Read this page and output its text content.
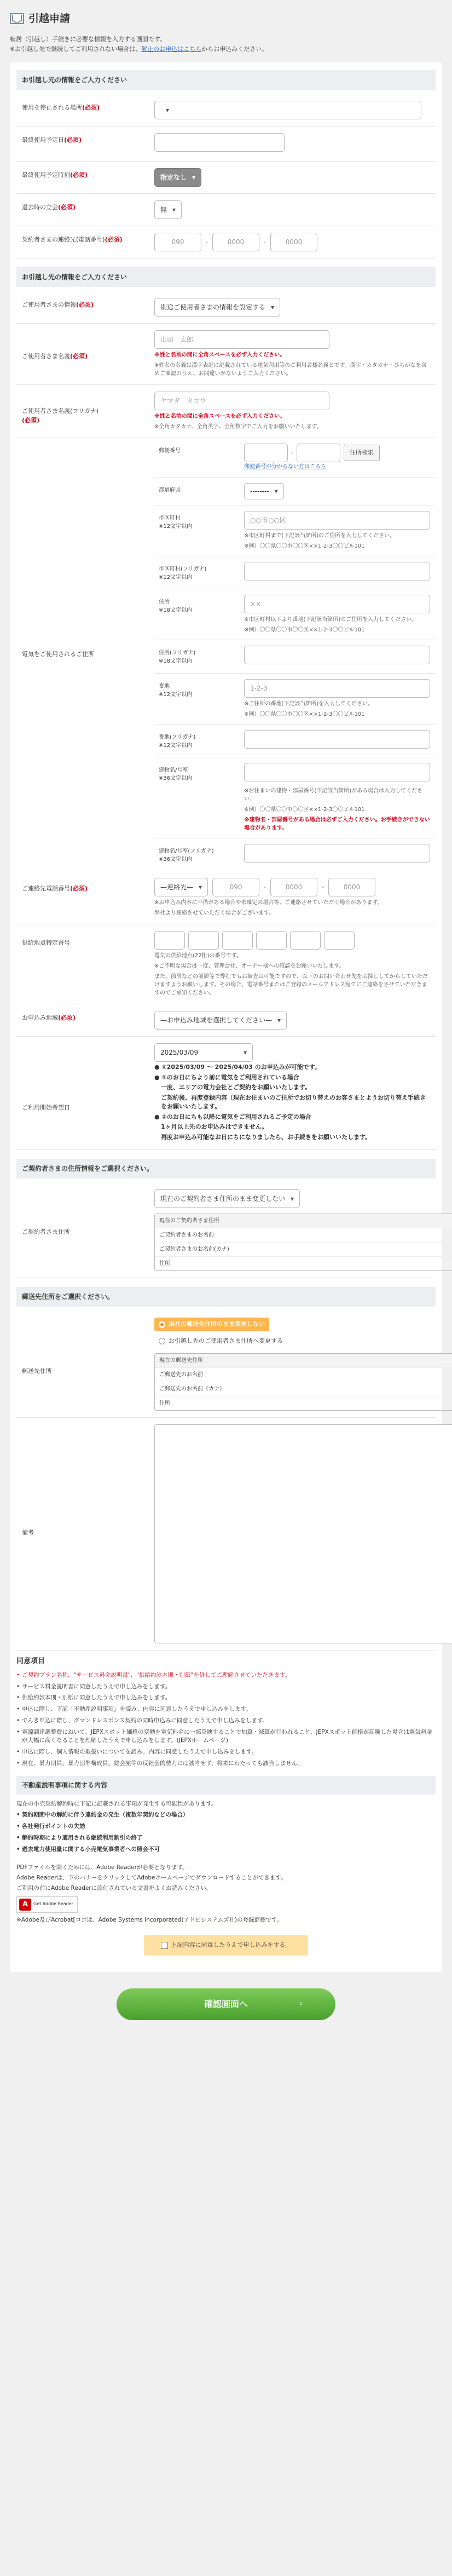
引越申請
転居（引越し）手続きに必要な情報を入力する画面です。
※お引越し先で継続してご利用されない場合は、解止のお申込はこちらからお申込みください。
お引越し元の情報をご入力ください
使用を停止される場所(必須)
▾
最終使用予定日(必須)
最終使用予定時刻(必須)	指定なし ▾
退去時の立会(必須)	無 ▾
契約者さまの連絡先(電話番号)(必須)	090	-	0000	-	0000
お引越し先の情報をご入力ください
ご使用者さまの情報(必須)	別途ご使用者さまの情報を設定する ▾
ご使用者さま名義(必須)
山田　太郎
※姓と名前の間に全角スペースを必ず入力ください。
※姓名の名義は漢字表記に記載されている電気利用等のご利用者様名義とです。漢字・カタカナ・ひらがなを含めご確認のうえ、お間違いがないようご入力ください。
ご使用者さま名義(フリガナ)
(必須)
ヤマダ　タロウ
※姓と名前の間に全角スペースを必ず入力ください。
※全角カタカナ、全角英字、全角数字でご入力をお願いいたします。
電気をご使用されるご住所
郵便番号	-	住所検索
郵便番号が分からない方はこちら
都道府県	-------- ▾
市区町村
※12文字以内
○○市○○区
※市区町村まで(下記該当箇所)のご住所を入力してください。
※例）〇〇県〇〇市〇〇区××1-2-3〇〇ビル101
市区町村(フリガナ)
※12文字以内
住所
※18文字以内
××
※市区町村以下より番地(下記該当箇所)のご住所を入力してください。
※例）〇〇県〇〇市〇〇区××1-2-3〇〇ビル101
住所(フリガナ)
※18文字以内
番地
※12文字以内
1-2-3
※ご住所の番地(下記該当箇所)を入力してください。
※例）〇〇県〇〇市〇〇区××1-2-3〇〇ビル101
番地(フリガナ)
※12文字以内
建物名/号室
※36文字以内
※お住まいの建物・部屋番号(下記該当箇所)がある場合は入力してください。
※例）〇〇県〇〇市〇〇区××1-2-3〇〇ビル101
※建物名・部屋番号がある場合は必ずご入力ください。お手続きができない場合があります。
建物名/号室(フリガナ)
※36文字以内
ご連絡先電話番号(必須)	—連絡先— ▾	090	-	0000	-	0000
※お申込み内容に不備がある場合や未確定の場合等、ご連絡させていただく場合があります。
弊社より連絡させていただく場合がございます。
供給地点特定番号
電気の供給地点(22桁)の番号です。
※ご不明な場合は一度、管理会社、オーナー様への確認をお願いいたします。
また、前居などの前居等で弊社でもお調査は可能ですので、以下のお問い合わせ先をお探ししてからしていただけますようお願いします。その場合、電話番号またはご登録のメールアドレス宛てにご連絡をさせていただきますのでご承知ください。
お申込み地域(必須)	—お申込み地域を選択してください— ▾
ご利用開始希望日
2025/03/09 ▾

● ①2025/03/09 ～ 2025/04/03 のお申込みが可能です。

● ①のお日にちより前に電気をご利用されている場合

一度、エリアの電力会社とご契約をお願いいたします。

ご契約後、再度登録内容（現在お住まいのご住所でお切り替えのお客さまとようお切り替え手続きをお願いいたします。

● ②のお日にちも以降に電気をご利用されるご予定の場合

1ヶ月以上先のお申込みはできません。

再度お申込み可能なお日にちになりましたら、お手続きをお願いいたします。

ご契約者さまの住所情報をご選択ください。
ご契約者さま住所
現在のご契約者さま住所のまま変更しない ▾
現在のご契約者さま住所
ご契約者さまのお名前
ご契約者さまのお名前(カナ)
住所
郵送先住所をご選択ください。
郵送先住所
現在の郵送先住所のまま変更しない
お引越し先のご使用者さま住所へ変更する
現在の郵送先住所
ご郵送先のお名前
ご郵送先のお名前（カナ）
住所
備考
同意項目
• ご契約プラン名称、"サービス料金説明書"、"供給約款本則・別紙"を併してご理解させていただきます。
• サービス料金説明書に同意したうえで申し込みをします。
• 供給約款本則・別紙に同意したうえで申し込みをします。
• 申込に際し、下記「不動産説明事項」を読み、内容に同意したうえで申し込みをします。
• でんき申込に際し、グマンドレスポンス契約の同時申込みに同意したうえで申し込みをします。
• 電源調達調整費において、JEPXスポット価格の変動を電気料金に一部反映することで加算・減算が行われること、JEPXスポット価格が高騰した場合は電気料金が大幅に高くなることを理解したうえで申し込みをします。(JEPXホームページ)
• 申込に際し、個人情報の取扱いについてを読み、内容に同意したうえで申し込みをします。
• 現在、暴力団員、暴力団準構成員、総会屋等の反社会的勢力には該当せず、将来にわたっても該当しません。
不動産説明事項に関する内容

現在の小売契約解約時に下記に記載される事項が発生する可能性があります。

• 契約期間中の解約に伴う違約金の発生（複数年契約などの場合）
• 各社発行ポイントの失効
• 解約時期により適用される継続利用割引の終了
• 過去電力使用量に関する小売電気事業者への照会不可

PDFファイルを開くためには、Adobe Readerが必要となります。

Adobe Readerは、下のバナーをクリックしてAdobeホームページでダウンロードすることができます。

ご利用の前にAdobe Readerに添付されている文書をよくお読みください。

A	Get Adobe Reader

※Adobe及びAcrobat[ロゴは、Adobe Systems Incorporated(アドビシステムズ社)の登録商標です。

上記内容に同意したうえで申し込みをする。
確認画面へ	›
